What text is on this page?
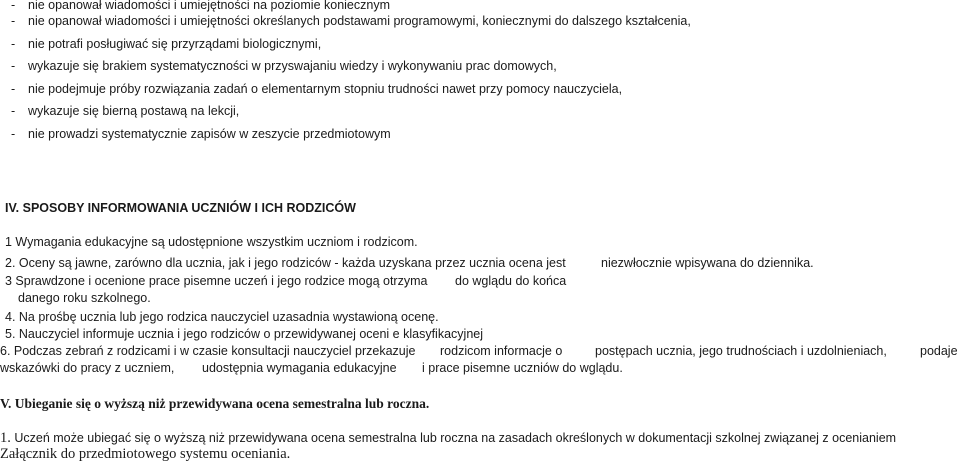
- nie opanował wiadomości i umiejętności na poziomie koniecznym
- nie opanował wiadomości i umiejętności określanych podstawami programowymi, koniecznymi do dalszego kształcenia,
- nie potrafi posługiwać się przyrządami biologicznymi,
- wykazuje się brakiem systematyczności w przyswajaniu wiedzy i wykonywaniu prac domowych,
- nie podejmuje próby rozwiązania zadań o elementarnym stopniu trudności nawet przy pomocy nauczyciela,
- wykazuje się bierną postawą na lekcji,
- nie prowadzi systematycznie zapisów w zeszycie przedmiotowym
IV. SPOSOBY INFORMOWANIA UCZNIÓW I ICH RODZICÓW
1 Wymagania edukacyjne są udostępnione wszystkim uczniom i rodzicom.
2. Oceny są jawne, zarówno dla ucznia, jak i jego rodziców - każda uzyskana przez ucznia ocena jest	niezwłocznie wpisywana do dziennika.
3 Sprawdzone i ocenione prace pisemne uczeń i jego rodzice mogą otrzyma do wglądu do końca
danego roku szkolnego.
4. Na prośbę ucznia lub jego rodzica nauczyciel uzasadnia wystawioną ocenę.
5. Nauczyciel informuje ucznia i jego rodziców o przewidywanej oceni e klasyfikacyjnej
6. Podczas zebrań z rodzicami i w czasie konsultacji nauczyciel przekazuje rodzicom informacje o	postępach ucznia, jego trudnościach i uzdolnieniach,	podaje
wskazówki do pracy z uczniem, udostępnia wymagania edukacyjne i prace pisemne uczniów do wglądu.
V. Ubieganie się o wyższą niż przewidywana ocena semestralna lub roczna.
1. Uczeń może ubiegać się o wyższą niż przewidywana ocena semestralna lub roczna na zasadach określonych w dokumentacji szkolnej związanej z ocenianiem
Załącznik do przedmiotowego systemu oceniania.
